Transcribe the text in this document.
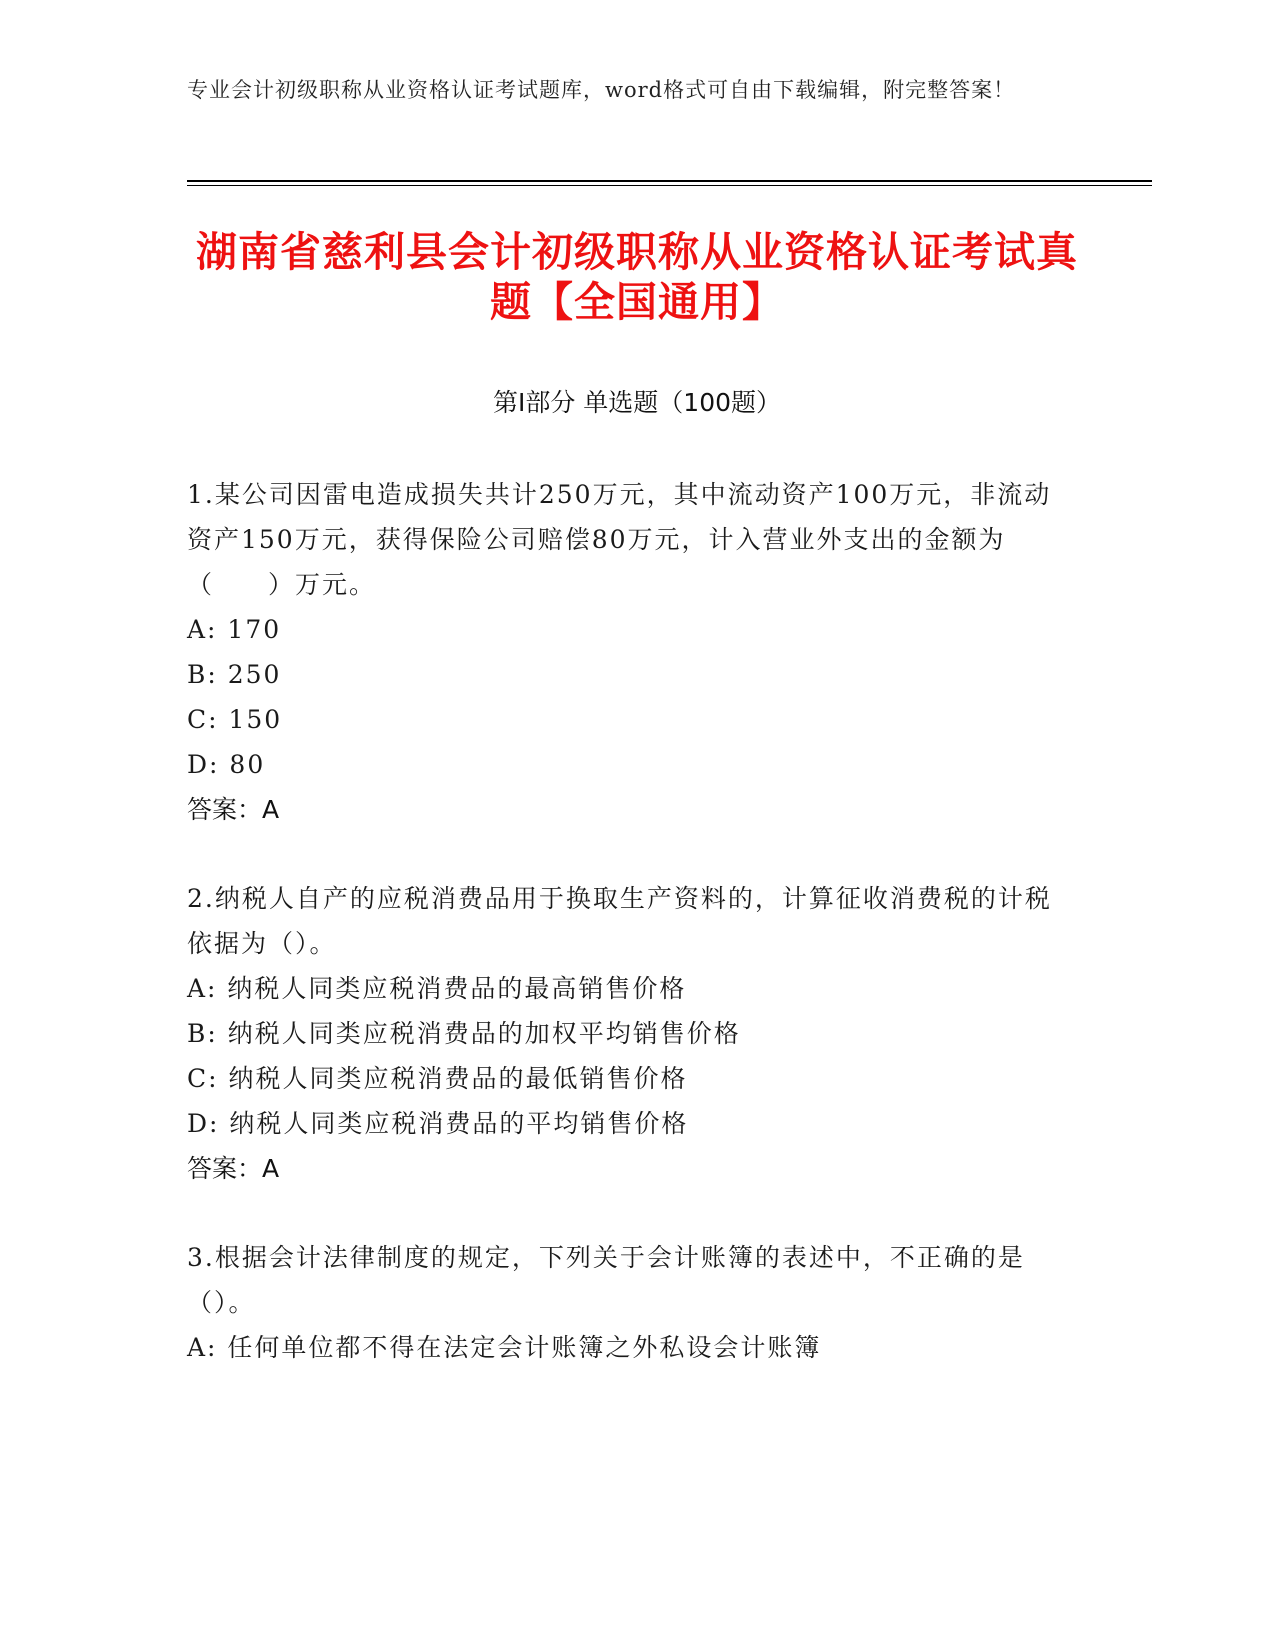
专业会计初级职称从业资格认证考试题库，word格式可自由下载编辑，附完整答案！
湖南省慈利县会计初级职称从业资格认证考试真题【全国通用】
第Ⅰ部分 单选题（100题）

1.某公司因雷电造成损失共计250万元，其中流动资产100万元，非流动资产150万元，获得保险公司赔偿80万元，计入营业外支出的金额为（　　）万元。

A: 170

B: 250

C: 150

D: 80

答案：A

2.纳税人自产的应税消费品用于换取生产资料的，计算征收消费税的计税依据为（）。

A: 纳税人同类应税消费品的最高销售价格

B: 纳税人同类应税消费品的加权平均销售价格

C: 纳税人同类应税消费品的最低销售价格

D: 纳税人同类应税消费品的平均销售价格

答案：A

3.根据会计法律制度的规定，下列关于会计账簿的表述中，不正确的是（）。

A: 任何单位都不得在法定会计账簿之外私设会计账簿
